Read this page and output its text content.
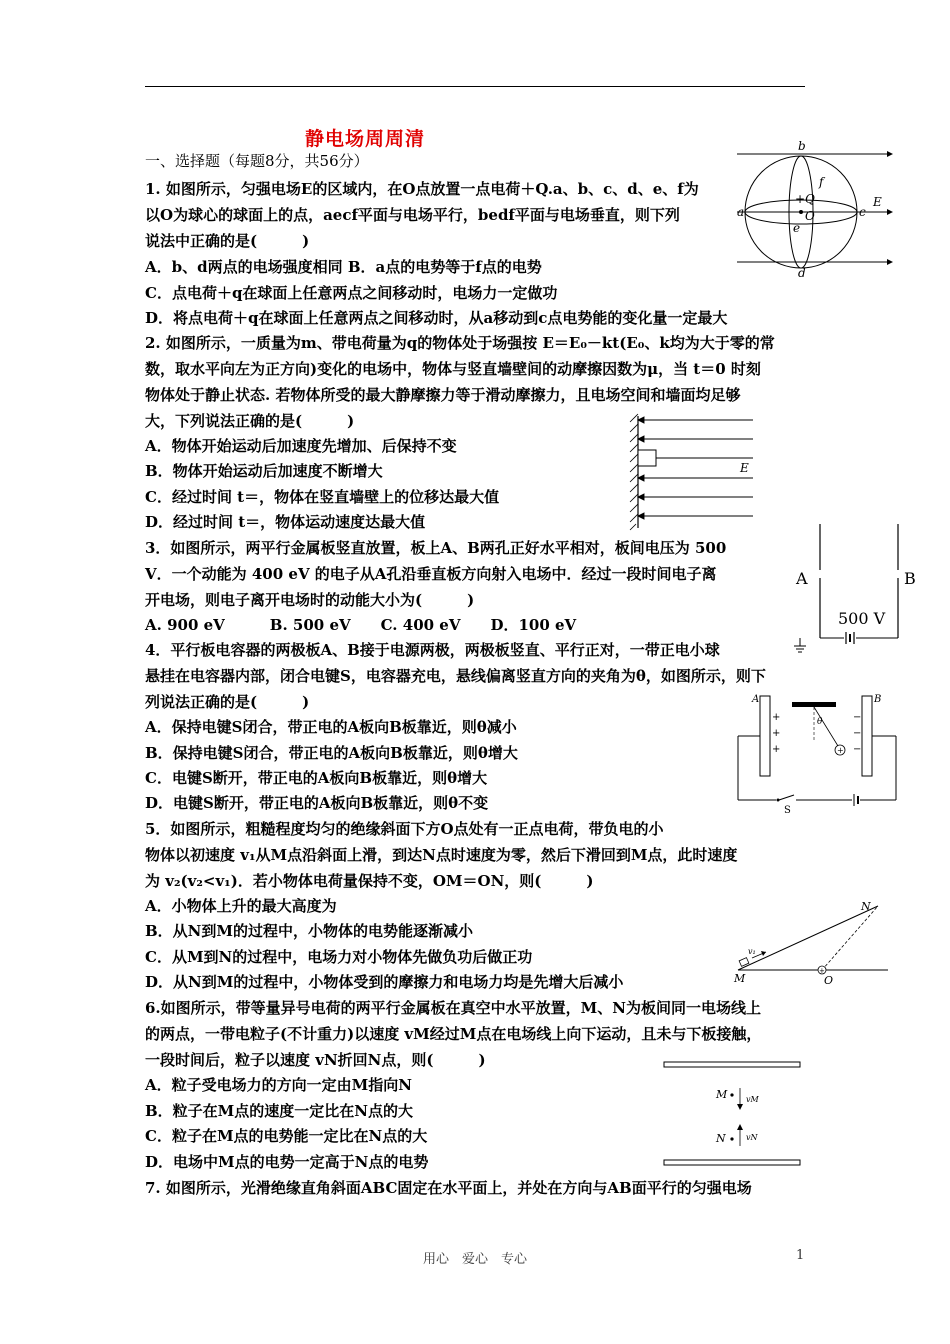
静电场周周清
一、选择题（每题8分，共56分）
1. 如图所示，匀强电场E的区域内，在O点放置一点电荷＋Q.a、b、c、d、e、f为
以O为球心的球面上的点，aecf平面与电场平行，bedf平面与电场垂直，则下列
说法中正确的是(　　　)
A．b、d两点的电场强度相同 B．a点的电势等于f点的电势
C．点电荷＋q在球面上任意两点之间移动时，电场力一定做功
D．将点电荷＋q在球面上任意两点之间移动时，从a移动到c点电势能的变化量一定最大
2. 如图所示，一质量为m、带电荷量为q的物体处于场强按 E＝E₀－kt(E₀、k均为大于零的常
数，取水平向左为正方向)变化的电场中，物体与竖直墙壁间的动摩擦因数为μ，当 t＝0 时刻
物体处于静止状态. 若物体所受的最大静摩擦力等于滑动摩擦力，且电场空间和墙面均足够
大，下列说法正确的是(　　　)
A．物体开始运动后加速度先增加、后保持不变
B．物体开始运动后加速度不断增大
C．经过时间 t＝，物体在竖直墙壁上的位移达最大值
D．经过时间 t＝，物体运动速度达最大值
3．如图所示，两平行金属板竖直放置，板上A、B两孔正好水平相对，板间电压为 500
V．一个动能为 400 eV 的电子从A孔沿垂直板方向射入电场中．经过一段时间电子离
开电场，则电子离开电场时的动能大小为(　　　)
A. 900 eV　　　B. 500 eV　　C. 400 eV　　D．100 eV
4．平行板电容器的两极板A、B接于电源两极，两极板竖直、平行正对，一带正电小球
悬挂在电容器内部，闭合电键S，电容器充电，悬线偏离竖直方向的夹角为θ，如图所示，则下
列说法正确的是(　　　)
A．保持电键S闭合，带正电的A板向B板靠近，则θ减小
B．保持电键S闭合，带正电的A板向B板靠近，则θ增大
C．电键S断开，带正电的A板向B板靠近，则θ增大
D．电键S断开，带正电的A板向B板靠近，则θ不变
5．如图所示，粗糙程度均匀的绝缘斜面下方O点处有一正点电荷，带负电的小
物体以初速度 v₁从M点沿斜面上滑，到达N点时速度为零，然后下滑回到M点，此时速度
为 v₂(v₂<v₁)．若小物体电荷量保持不变，OM＝ON，则(　　　)
A．小物体上升的最大高度为
B．从N到M的过程中，小物体的电势能逐渐减小
C．从M到N的过程中，电场力对小物体先做负功后做正功
D．从N到M的过程中，小物体受到的摩擦力和电场力均是先增大后减小
6.如图所示，带等量异号电荷的两平行金属板在真空中水平放置，M、N为板间同一电场线上
的两点，一带电粒子(不计重力)以速度 vM经过M点在电场线上向下运动，且未与下板接触，
一段时间后，粒子以速度 vN折回N点，则(　　　)
A．粒子受电场力的方向一定由M指向N
B．粒子在M点的速度一定比在N点的大
C．粒子在M点的电势能一定比在N点的大
D．电场中M点的电势一定高于N点的电势
7. 如图所示，光滑绝缘直角斜面ABC固定在水平面上，并处在方向与AB面平行的匀强电场
b
a	c
d
e
f
+Q
O
E
E
A	B
500 V
A	B
+
+
+
−
−
−
+
θ
S
+
N
M	O
v₁
M
N
vM
vN
用心　爱心　专心	1
